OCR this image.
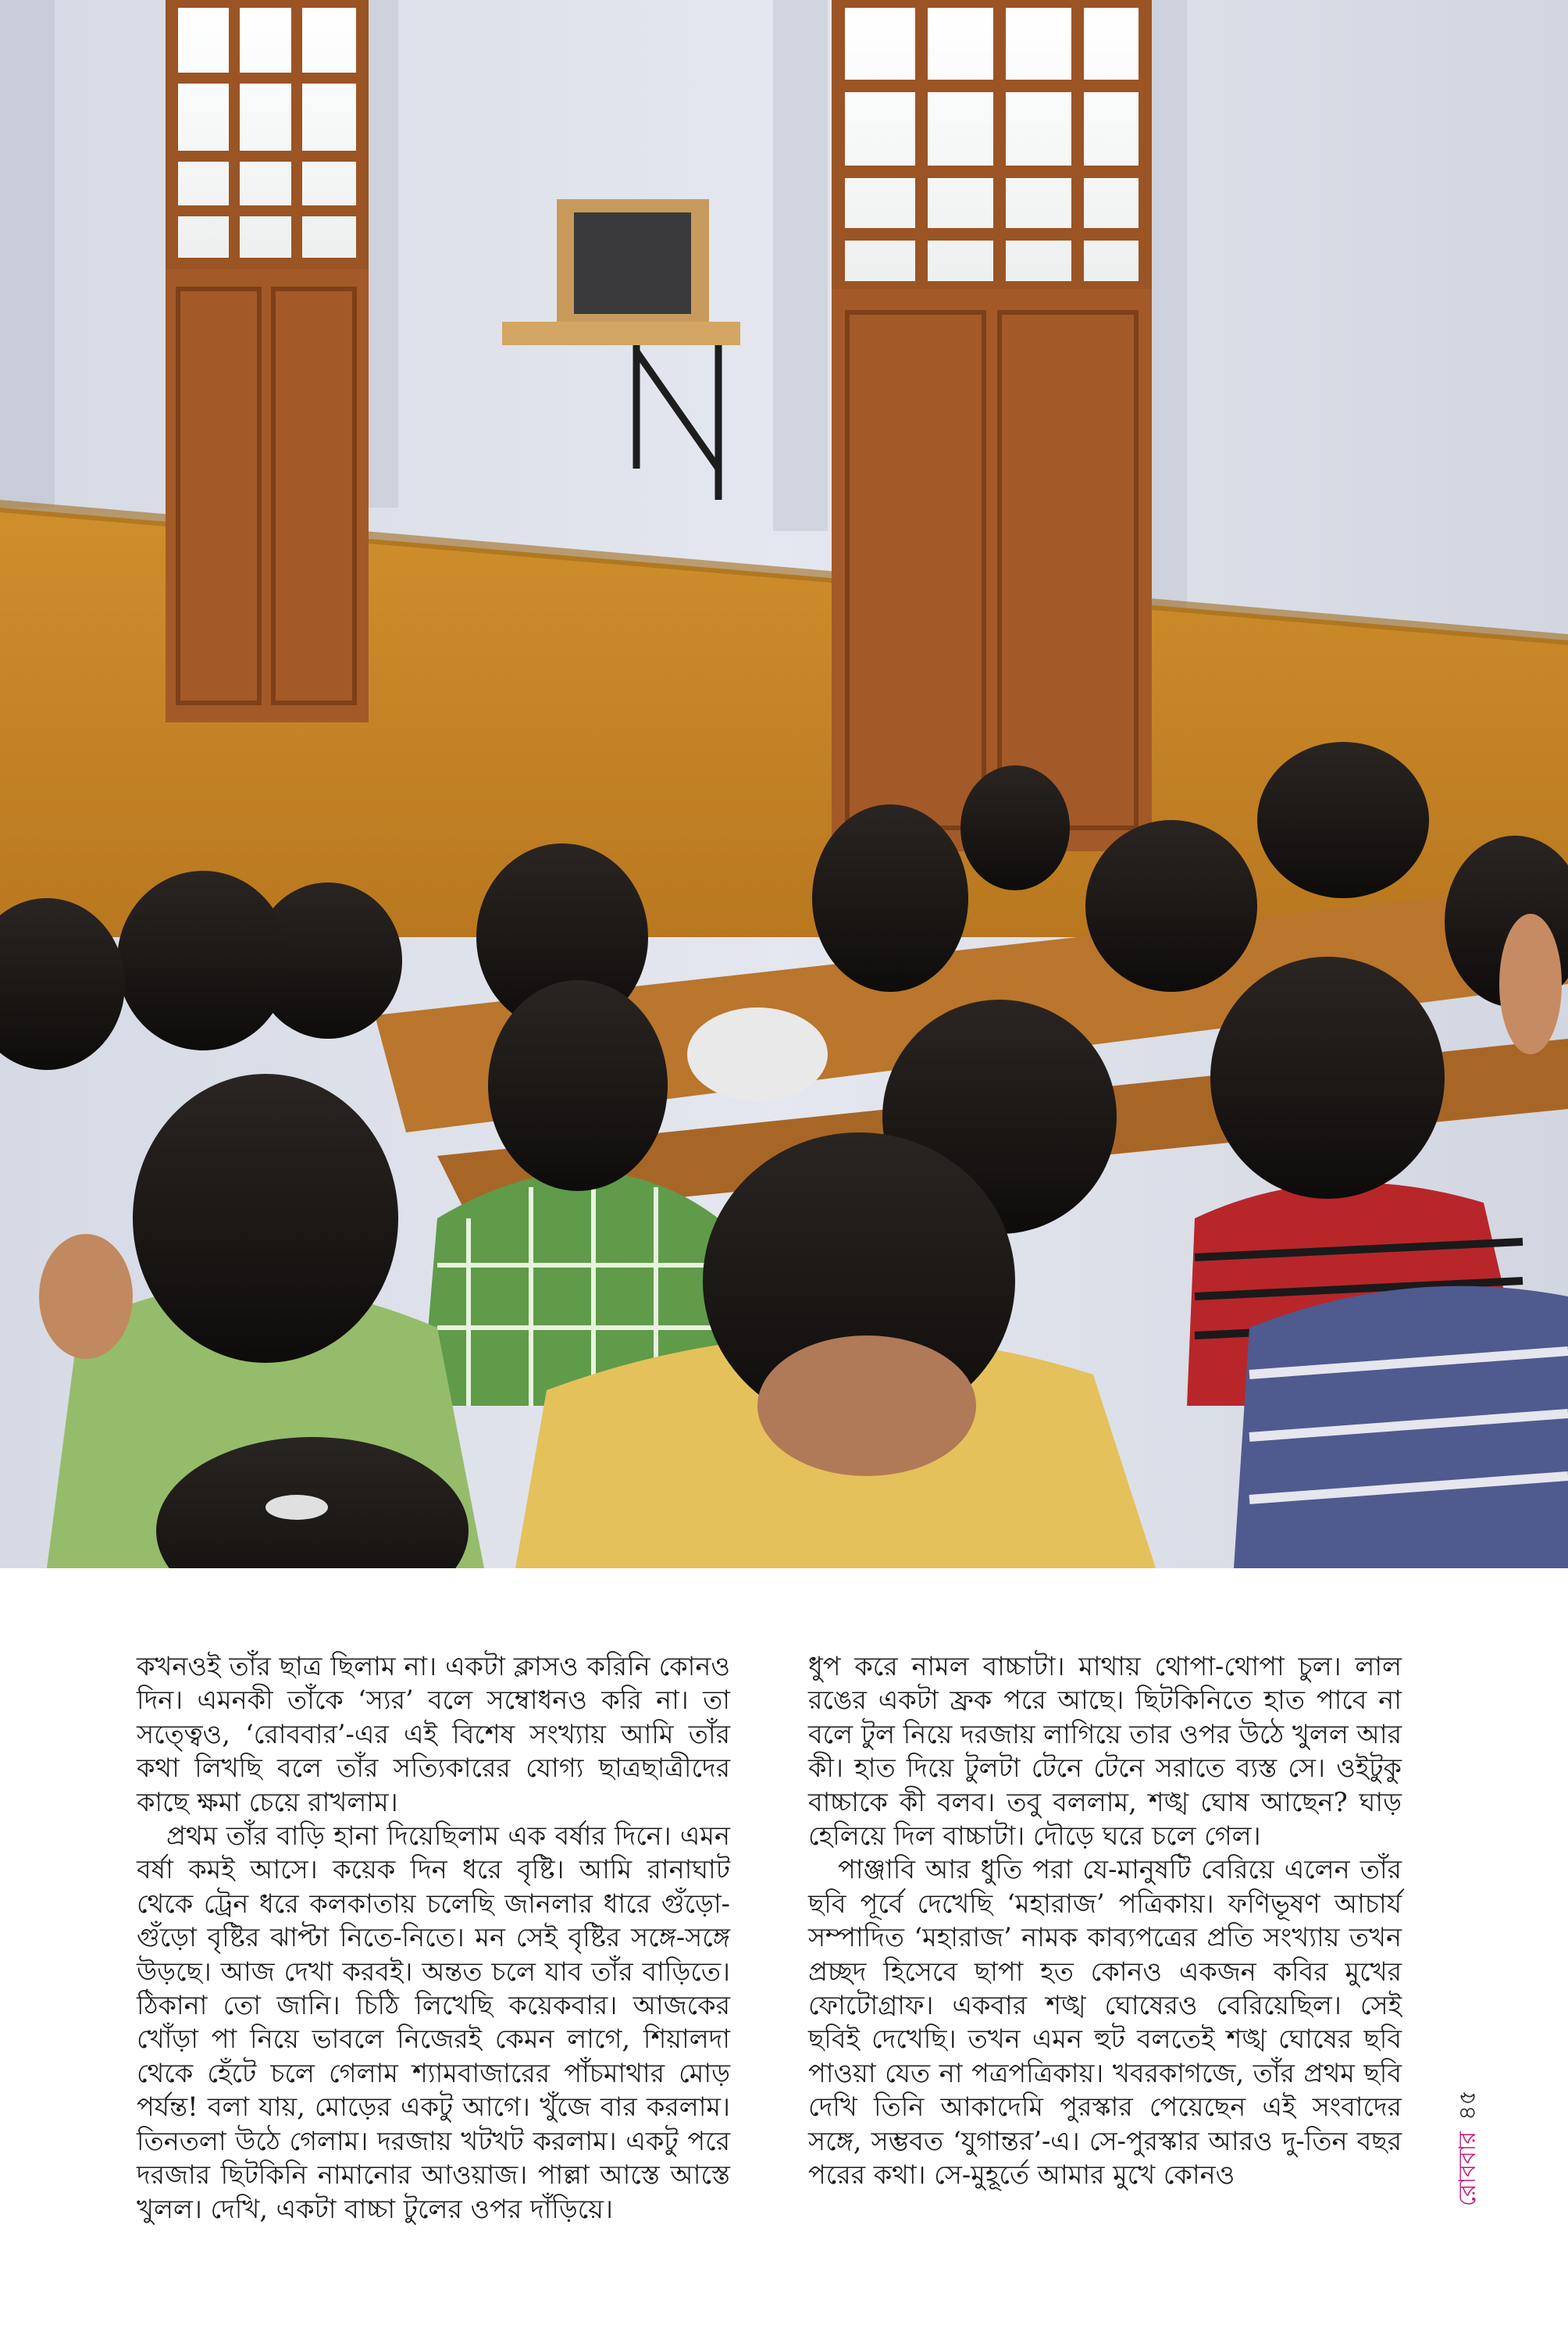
কখনওই তাঁর ছাত্র ছিলাম না। একটা ক্লাসও করিনি কোনও দিন। এমনকী তাঁকে ‘স্যর’ বলে সম্বোধনও করি না। তা সত্ত্বেও, ‘রোববার’-এর এই বিশেষ সংখ্যায় আমি তাঁর কথা লিখছি বলে তাঁর সত্যিকারের যোগ্য ছাত্রছাত্রীদের কাছে ক্ষমা চেয়ে রাখলাম।

প্রথম তাঁর বাড়ি হানা দিয়েছিলাম এক বর্ষার দিনে। এমন বর্ষা কমই আসে। কয়েক দিন ধরে বৃষ্টি। আমি রানাঘাট থেকে ট্রেন ধরে কলকাতায় চলেছি জানলার ধারে গুঁড়ো-গুঁড়ো বৃষ্টির ঝাপ্টা নিতে-নিতে। মন সেই বৃষ্টির সঙ্গে-সঙ্গে উড়ছে। আজ দেখা করবই। অন্তত চলে যাব তাঁর বাড়িতে। ঠিকানা তো জানি। চিঠি লিখেছি কয়েকবার। আজকের খোঁড়া পা নিয়ে ভাবলে নিজেরই কেমন লাগে, শিয়ালদা থেকে হেঁটে চলে গেলাম শ্যামবাজারের পাঁচমাথার মোড় পর্যন্ত! বলা যায়, মোড়ের একটু আগে। খুঁজে বার করলাম। তিনতলা উঠে গেলাম। দরজায় খটখট করলাম। একটু পরে দরজার ছিটকিনি নামানোর আওয়াজ। পাল্লা আস্তে আস্তে খুলল। দেখি, একটা বাচ্চা টুলের ওপর দাঁড়িয়ে।

ধুপ করে নামল বাচ্চাটা। মাথায় থোপা-থোপা চুল। লাল রঙের একটা ফ্রক পরে আছে। ছিটকিনিতে হাত পাবে না বলে টুল নিয়ে দরজায় লাগিয়ে তার ওপর উঠে খুলল আর কী। হাত দিয়ে টুলটা টেনে টেনে সরাতে ব্যস্ত সে। ওইটুকু বাচ্চাকে কী বলব। তবু বললাম, শঙ্খ ঘোষ আছেন? ঘাড় হেলিয়ে দিল বাচ্চাটা। দৌড়ে ঘরে চলে গেল।

পাঞ্জাবি আর ধুতি পরা যে-মানুষটি বেরিয়ে এলেন তাঁর ছবি পূর্বে দেখেছি ‘মহারাজ’ পত্রিকায়। ফণিভূষণ আচার্য সম্পাদিত ‘মহারাজ’ নামক কাব্যপত্রের প্রতি সংখ্যায় তখন প্রচ্ছদ হিসেবে ছাপা হত কোনও একজন কবির মুখের ফোটোগ্রাফ। একবার শঙ্খ ঘোষেরও বেরিয়েছিল। সেই ছবিই দেখেছি। তখন এমন হুট বলতেই শঙ্খ ঘোষের ছবি পাওয়া যেত না পত্রপত্রিকায়। খবরকাগজে, তাঁর প্রথম ছবি দেখি তিনি আকাদেমি পুরস্কার পেয়েছেন এই সংবাদের সঙ্গে, সম্ভবত ‘যুগান্তর’-এ। সে-পুরস্কার আরও দু-তিন বছর পরের কথা। সে-মুহূর্তে আমার মুখে কোনও	রোববার
৪৫
